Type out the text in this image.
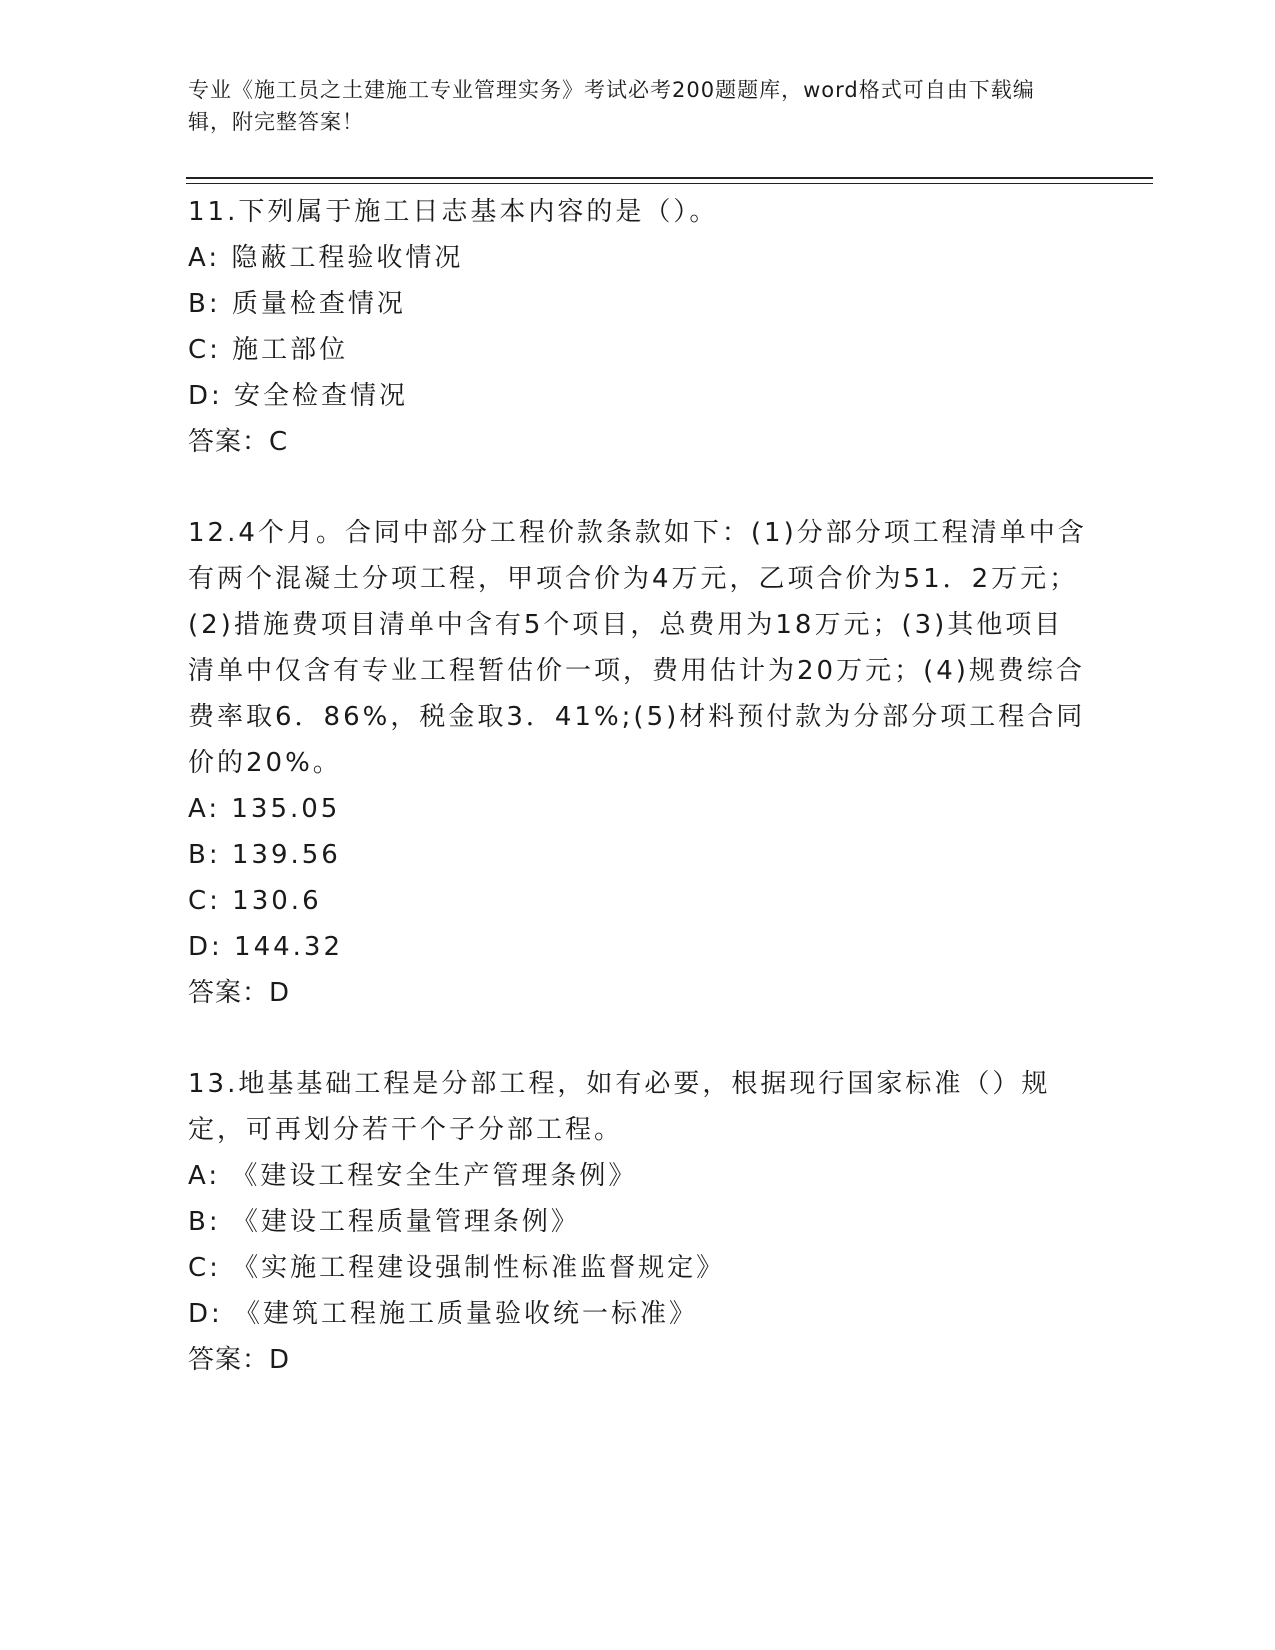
专业《施工员之土建施工专业管理实务》考试必考200题题库，word格式可自由下载编辑，附完整答案！

11.下列属于施工日志基本内容的是（）。

A: 隐蔽工程验收情况

B: 质量检查情况

C: 施工部位

D: 安全检查情况

答案：C

12.4个月。合同中部分工程价款条款如下：(1)分部分项工程清单中含有两个混凝土分项工程，甲项合价为4万元，乙项合价为51．2万元；(2)措施费项目清单中含有5个项目，总费用为18万元；(3)其他项目清单中仅含有专业工程暂估价一项，费用估计为20万元；(4)规费综合费率取6．86%，税金取3．41%;(5)材料预付款为分部分项工程合同价的20%。

A: 135.05

B: 139.56

C: 130.6

D: 144.32

答案：D

13.地基基础工程是分部工程，如有必要，根据现行国家标准（）规定，可再划分若干个子分部工程。

A: 《建设工程安全生产管理条例》

B: 《建设工程质量管理条例》

C: 《实施工程建设强制性标准监督规定》

D: 《建筑工程施工质量验收统一标准》

答案：D
